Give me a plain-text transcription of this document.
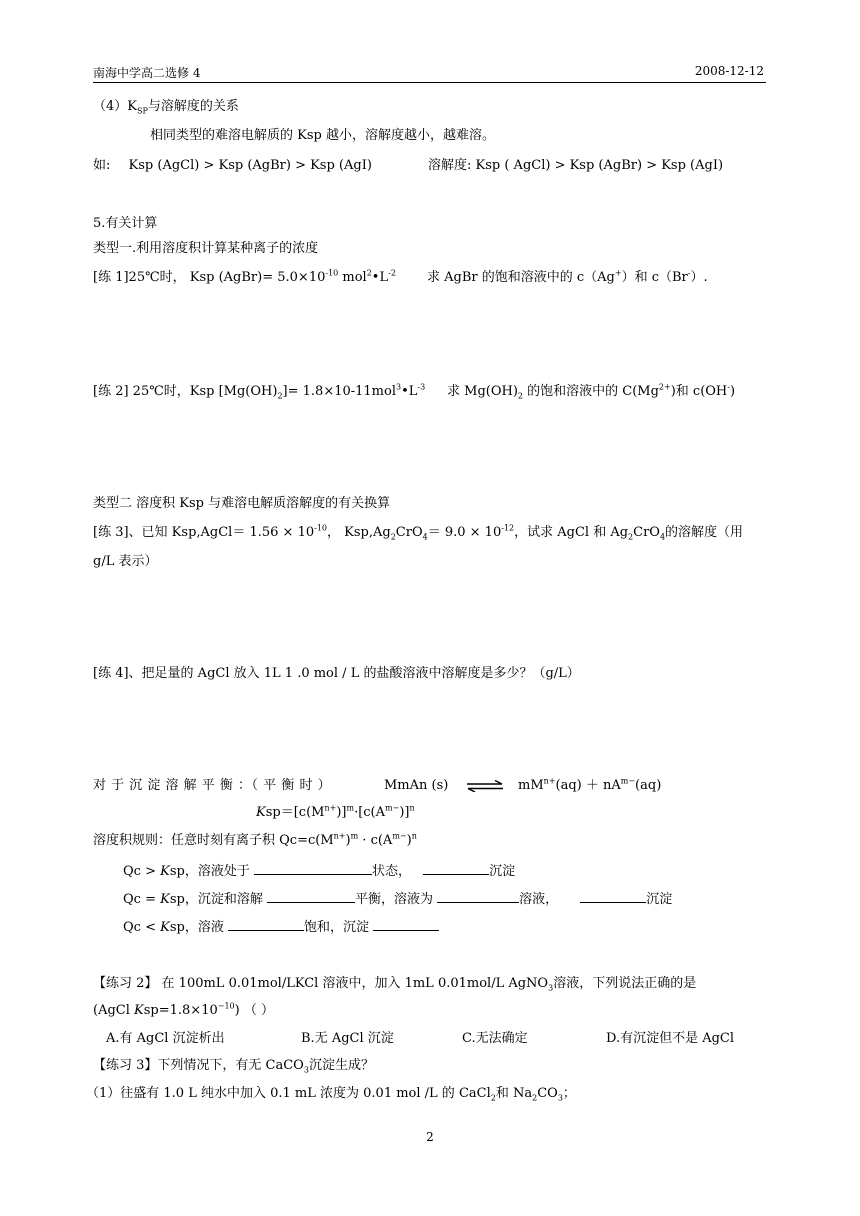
南海中学高二选修 4	2008-12-12
$(4)K_{SP}$与溶解度的关系
相同类型的难溶电解质的 Ksp 越小，溶解度越小，越难溶。
如: Ksp (AgCl) > Ksp (AgBr) > Ksp (AgI)	溶解度: Ksp ( AgCl) > Ksp (AgBr) > Ksp (AgI)
5.有关计算
类型一.利用溶度积计算某种离子的浓度
[练 1]25℃时， Ksp (AgBr)= $5.0\times 10^{-10}$ $mol^2•L^{-2}$ 求 AgBr 的饱和溶液中的 c（Ag+）和 c（Br-）.
[练 2] 25℃时，Ksp $[Mg(OH)_2]=$ $1.8\times 10-11mol^3•L^{-3}$ 求 $Mg(OH)_2$ 的饱和溶液中的 $C(Mg^{2+})$和 c(OH-)
类型二 溶度积 Ksp 与难溶电解质溶解度的有关换算
[练 3]、已知 Ksp,AgCl＝ $1.56 \times 10^{-10}$， $Ksp,Ag_2CrO_4= 9.0 \times 10^{-12}$，试求 AgCl 和 $Ag_2CrO_4$的溶解度（用
g/L 表示）
[练 4]、把足量的 AgCl 放入 1L 1 .0 mol / L 的盐酸溶液中溶解度是多少？（g/L）
对 于 沉 淀 溶 解 平 衡 ：（ 平 衡 时 ）	MmAn (s) ⇌ $mM^{n+}(aq) + nA^{m-}(aq)$
$Ksp=[c(M^{n+})]^m\cdot[c(A^{m-})]^n$
溶度积规则：任意时刻有离子积 $Qc=c(M^{n+})^m \cdot c(A^{m-})^n$
Qc > Ksp，溶液处于	状态，	沉淀
Qc = Ksp，沉淀和溶解	平衡，溶液为	溶液，	沉淀
Qc < Ksp，溶液	饱和，沉淀
【练习 2】 在 100mL 0.01mol/LKCl 溶液中，加入 1mL 0.01mol/L AgNO$_3$溶液，下列说法正确的是
(AgCl $Ksp=1.8\times 10^{-10}$) （ ）
A.有 AgCl 沉淀析出	B.无 AgCl 沉淀	C.无法确定	D.有沉淀但不是 AgCl
【练习 3】下列情况下，有无 CaCO$_3$沉淀生成？
（1）往盛有 1.0 L 纯水中加入 0.1 mL 浓度为 0.01 mol /L 的 CaCl$_2$和 $Na_2CO_3$；
2
